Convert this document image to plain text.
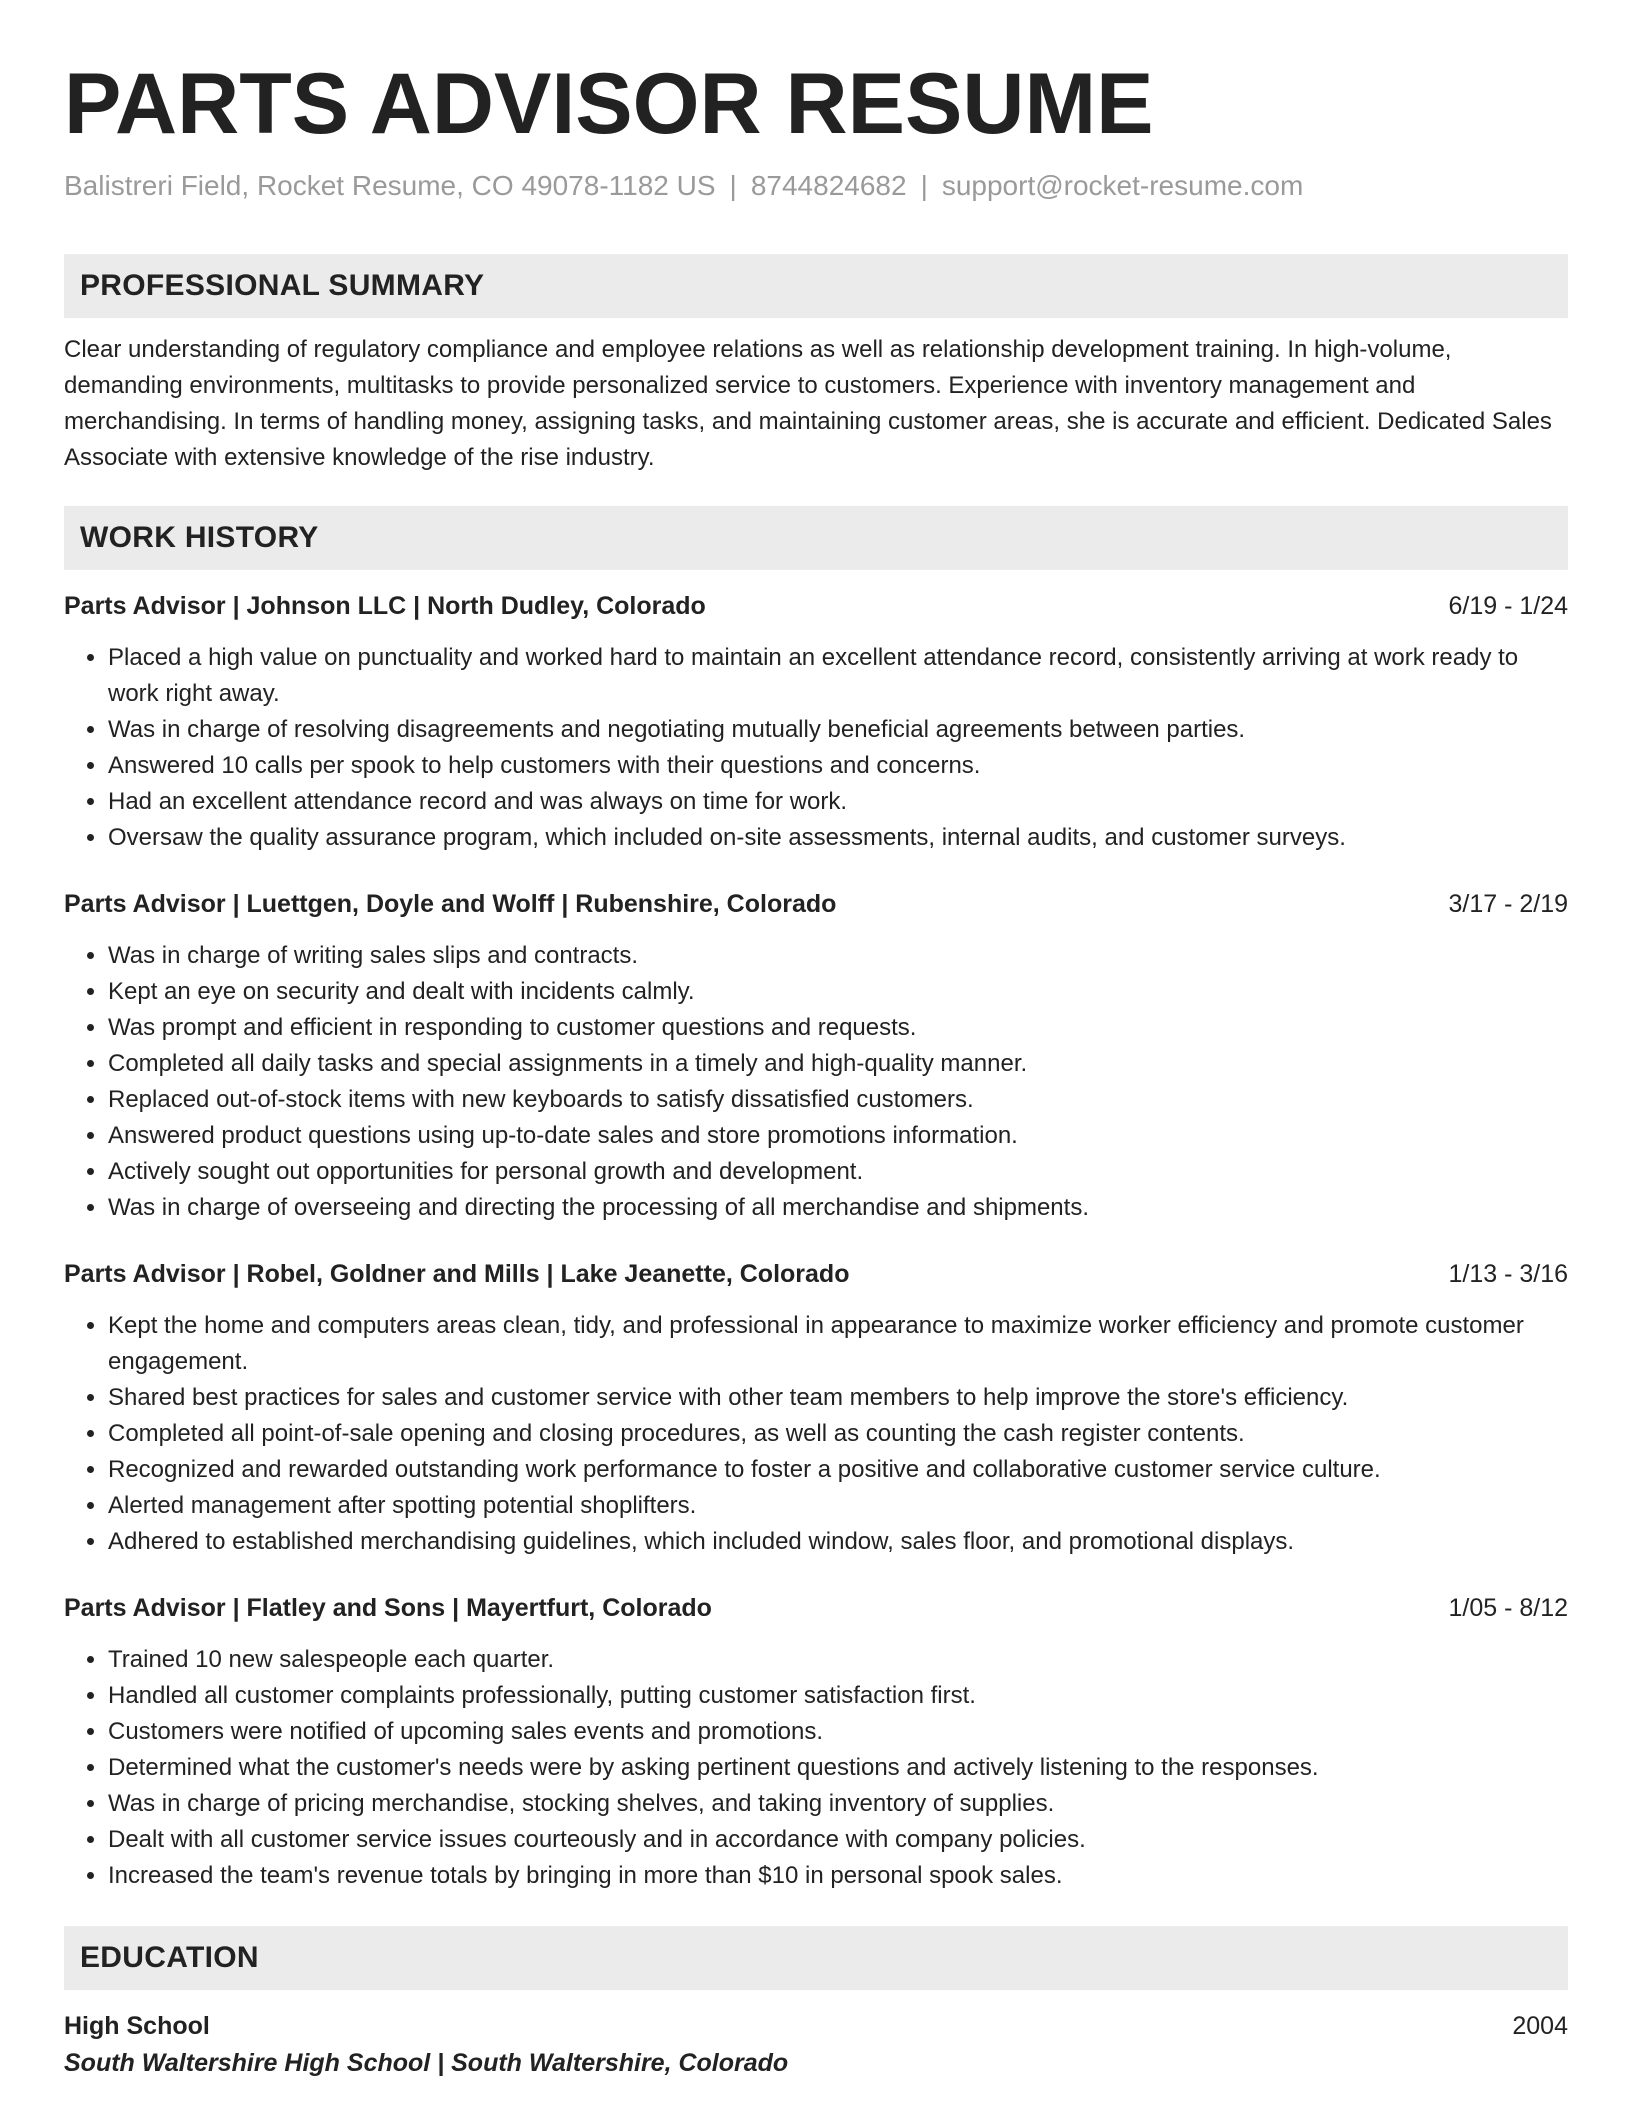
PARTS ADVISOR RESUME
Balistreri Field, Rocket Resume, CO 49078-1182 US | 8744824682 | support@rocket-resume.com
PROFESSIONAL SUMMARY
Clear understanding of regulatory compliance and employee relations as well as relationship development training. In high-volume, demanding environments, multitasks to provide personalized service to customers. Experience with inventory management and merchandising. In terms of handling money, assigning tasks, and maintaining customer areas, she is accurate and efficient. Dedicated Sales Associate with extensive knowledge of the rise industry.
WORK HISTORY
Parts Advisor | Johnson LLC | North Dudley, Colorado	6/19 - 1/24
• Placed a high value on punctuality and worked hard to maintain an excellent attendance record, consistently arriving at work ready to work right away.
• Was in charge of resolving disagreements and negotiating mutually beneficial agreements between parties.
• Answered 10 calls per spook to help customers with their questions and concerns.
• Had an excellent attendance record and was always on time for work.
• Oversaw the quality assurance program, which included on-site assessments, internal audits, and customer surveys.
Parts Advisor | Luettgen, Doyle and Wolff | Rubenshire, Colorado	3/17 - 2/19
• Was in charge of writing sales slips and contracts.
• Kept an eye on security and dealt with incidents calmly.
• Was prompt and efficient in responding to customer questions and requests.
• Completed all daily tasks and special assignments in a timely and high-quality manner.
• Replaced out-of-stock items with new keyboards to satisfy dissatisfied customers.
• Answered product questions using up-to-date sales and store promotions information.
• Actively sought out opportunities for personal growth and development.
• Was in charge of overseeing and directing the processing of all merchandise and shipments.
Parts Advisor | Robel, Goldner and Mills | Lake Jeanette, Colorado	1/13 - 3/16
• Kept the home and computers areas clean, tidy, and professional in appearance to maximize worker efficiency and promote customer engagement.
• Shared best practices for sales and customer service with other team members to help improve the store's efficiency.
• Completed all point-of-sale opening and closing procedures, as well as counting the cash register contents.
• Recognized and rewarded outstanding work performance to foster a positive and collaborative customer service culture.
• Alerted management after spotting potential shoplifters.
• Adhered to established merchandising guidelines, which included window, sales floor, and promotional displays.
Parts Advisor | Flatley and Sons | Mayertfurt, Colorado	1/05 - 8/12
• Trained 10 new salespeople each quarter.
• Handled all customer complaints professionally, putting customer satisfaction first.
• Customers were notified of upcoming sales events and promotions.
• Determined what the customer's needs were by asking pertinent questions and actively listening to the responses.
• Was in charge of pricing merchandise, stocking shelves, and taking inventory of supplies.
• Dealt with all customer service issues courteously and in accordance with company policies.
• Increased the team's revenue totals by bringing in more than $10 in personal spook sales.
EDUCATION
High School	2004
South Waltershire High School | South Waltershire, Colorado
